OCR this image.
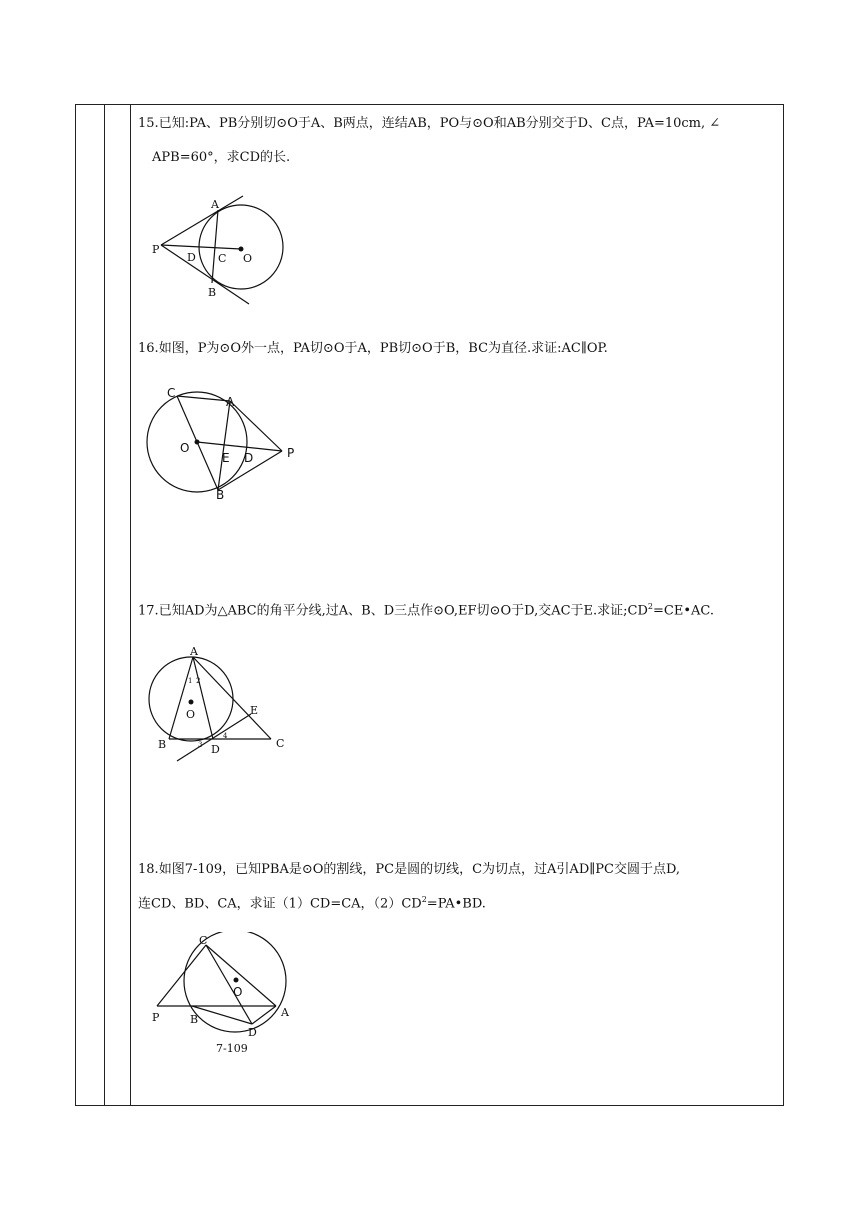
15.已知:PA、PB分别切⊙O于A、B两点，连结AB，PO与⊙O和AB分别交于D、C点，PA=10cm, ∠
APB=60°，求CD的长.
A
B
P
D C O
16.如图，P为⊙O外一点，PA切⊙O于A，PB切⊙O于B，BC为直径.求证:AC∥OP.
C
A
O
E D	P
B
17.已知AD为△ABC的角平分线,过A、B、D三点作⊙O,EF切⊙O于D,交AC于E.求证$;CD^2=CE•AC$.
A
1 2
O	E
B	3
4
D	C
18.如图7-109，已知PBA是⊙O的割线，PC是圆的切线，C为切点，过A引AD∥PC交圆于点D,
连CD、BD、CA，求证（1）CD=CA，$(2)CD^2=PA•BD$.
C
O
P	B
D
A
7-109
